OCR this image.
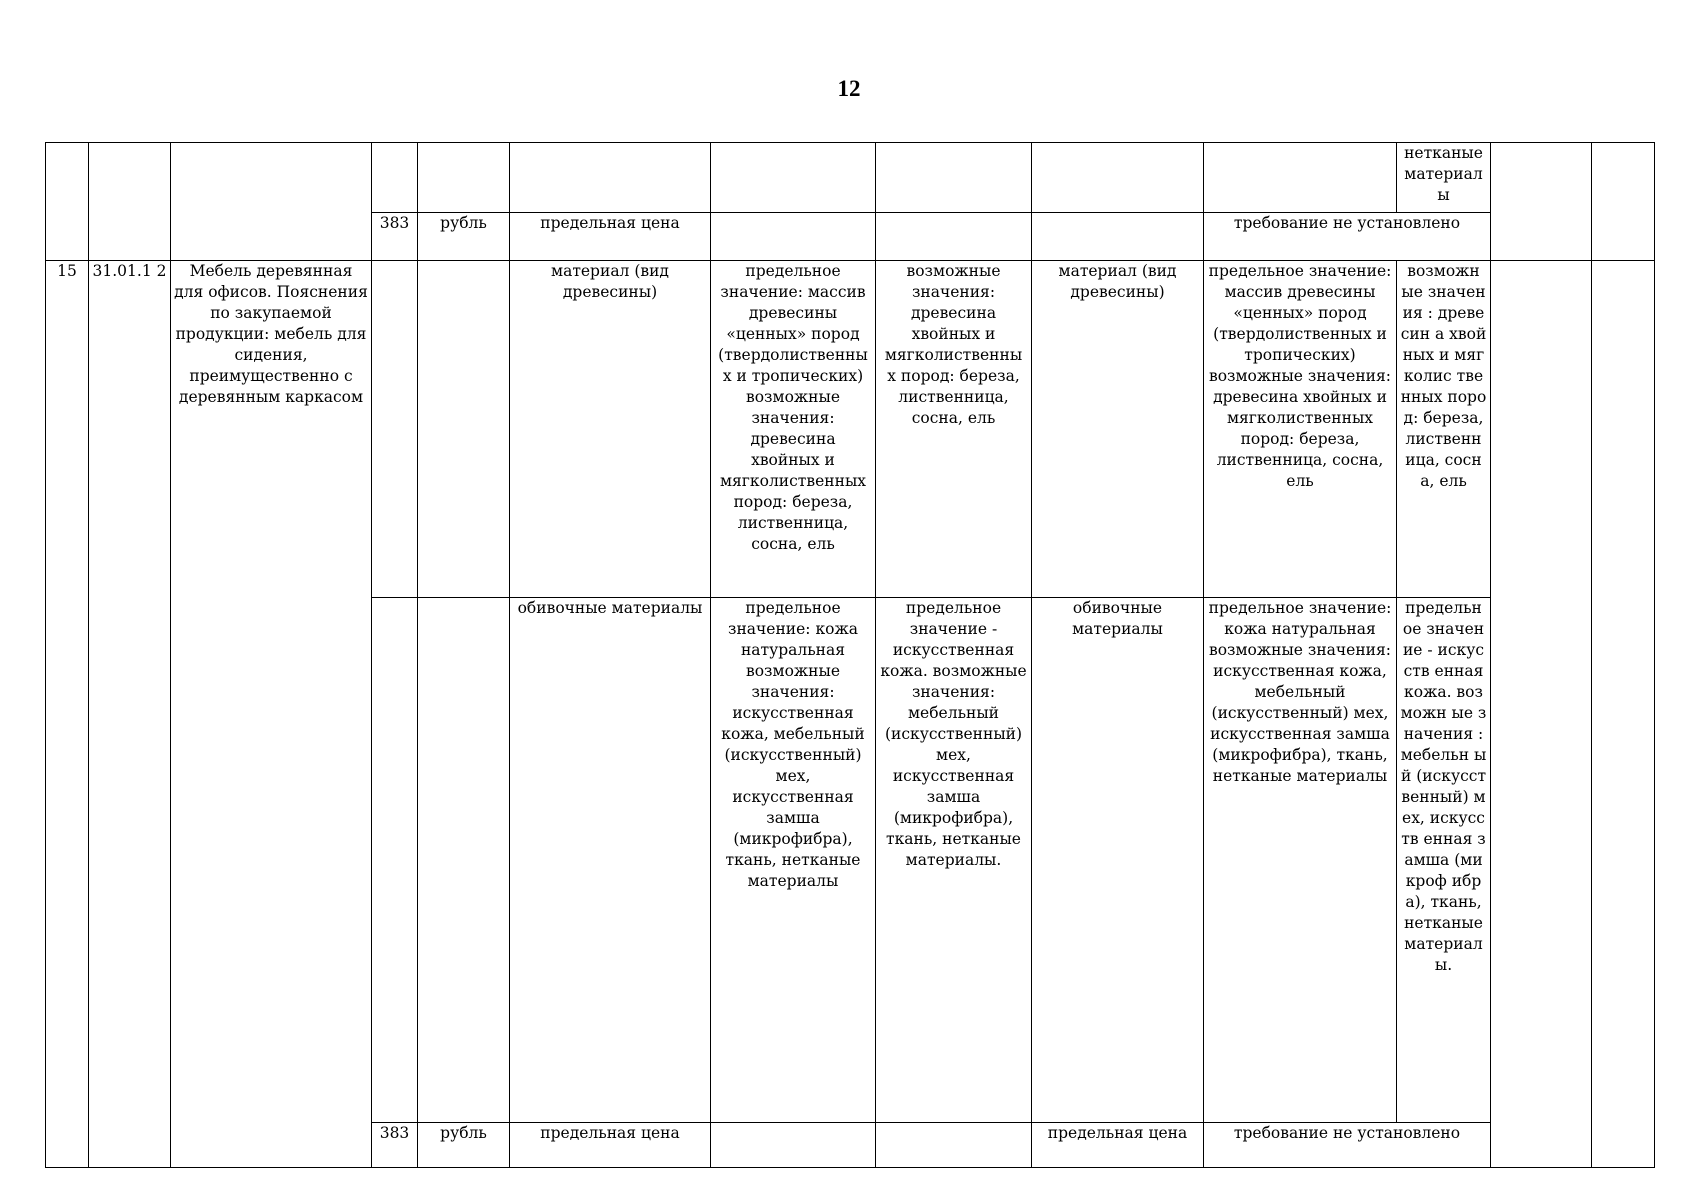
12
										нетканые материал ы		
			383	рубль	предельная цена				требование не установлено			
15	31.01.1 2	Мебель деревянная для офисов. Пояснения по закупаемой продукции: мебель для сидения, преимущественно с деревянным каркасом			материал (вид древесины)	предельное значение: массив древесины «ценных» пород (твердолиственны х и тропических) возможные значения: древесина хвойных и мягколиственных пород: береза, лиственница, сосна, ель	возможные значения: древесина хвойных и мягколиственны х пород: береза, лиственница, сосна, ель	материал (вид древесины)	предельное значение: массив древесины «ценных» пород (твердолиственных и тропических) возможные значения: древесина хвойных и мягколиственных пород: береза, лиственница, сосна, ель	возможн ые значения : древесин а хвойных и мягколис твенных пород: береза, лиственн ица, сосна, ель		
					обивочные материалы	предельное значение: кожа натуральная возможные значения: искусственная кожа, мебельный (искусственный) мех, искусственная замша (микрофибра), ткань, нетканые материалы	предельное значение - искусственная кожа. возможные значения: мебельный (искусственный) мех, искусственная замша (микрофибра), ткань, нетканые материалы.	обивочные материалы	предельное значение: кожа натуральная возможные значения: искусственная кожа, мебельный (искусственный) мех, искусственная замша (микрофибра), ткань, нетканые материалы	предельн ое значение - искусств енная кожа. возможн ые значения : мебельн ый (искусст венный) мех, искусств енная замша (микроф ибра), ткань, нетканые материал ы.		
			383	рубль	предельная цена			предельная цена	требование не установлено			
